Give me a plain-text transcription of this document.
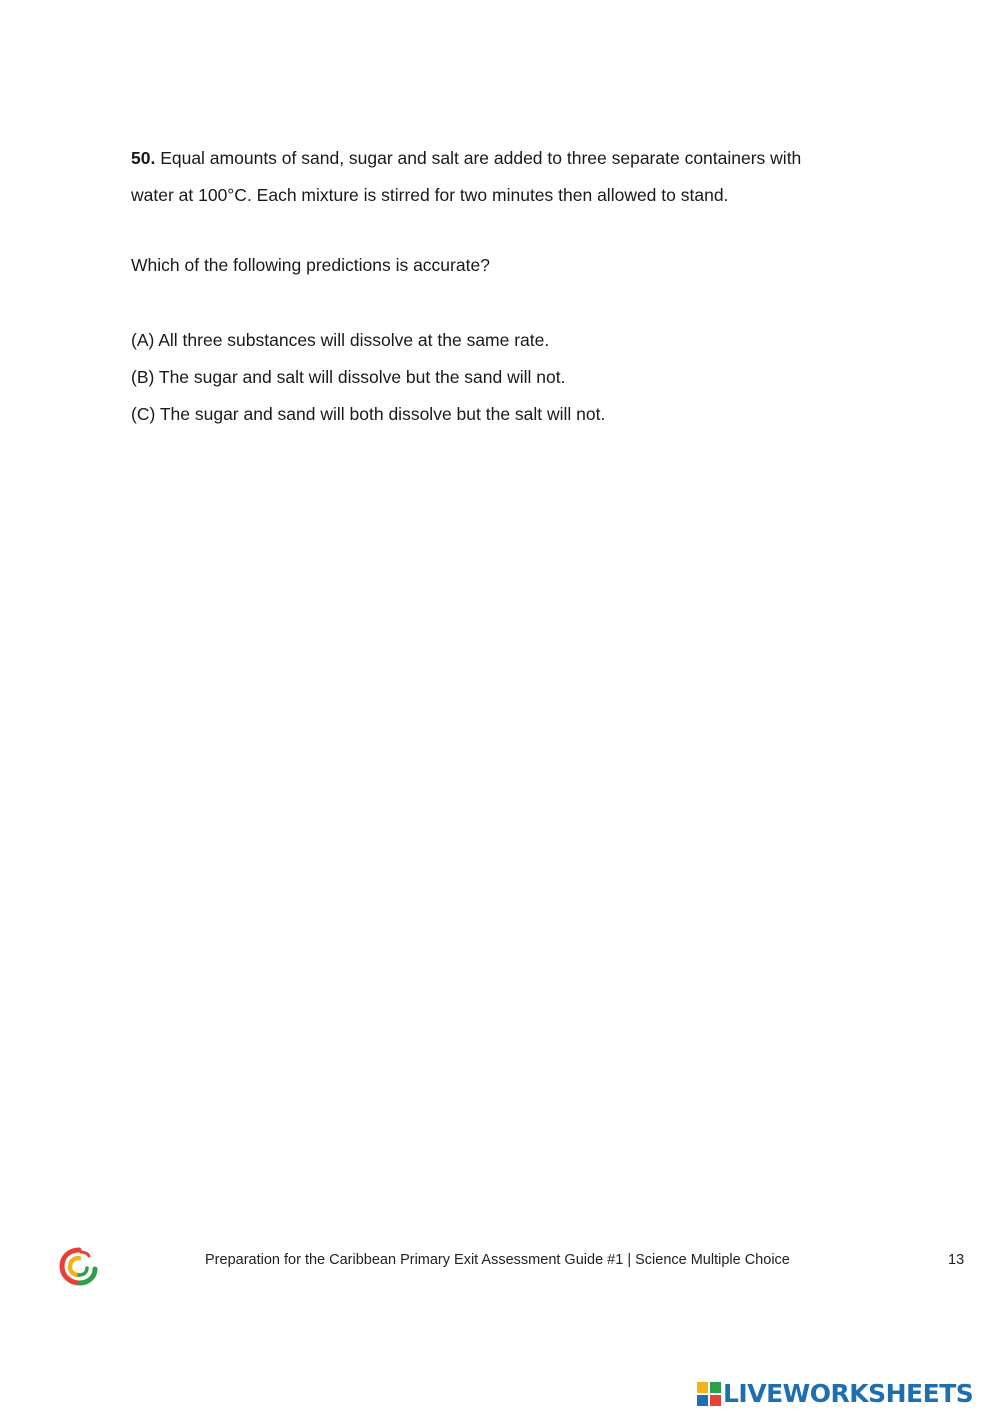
50. Equal amounts of sand, sugar and salt are added to three separate containers with

water at 100°C. Each mixture is stirred for two minutes then allowed to stand.

Which of the following predictions is accurate?
(A) All three substances will dissolve at the same rate.
(B) The sugar and salt will dissolve but the sand will not.
(C) The sugar and sand will both dissolve but the salt will not.
Preparation for the Caribbean Primary Exit Assessment Guide #1 | Science Multiple Choice	13
LIVEWORKSHEETS
